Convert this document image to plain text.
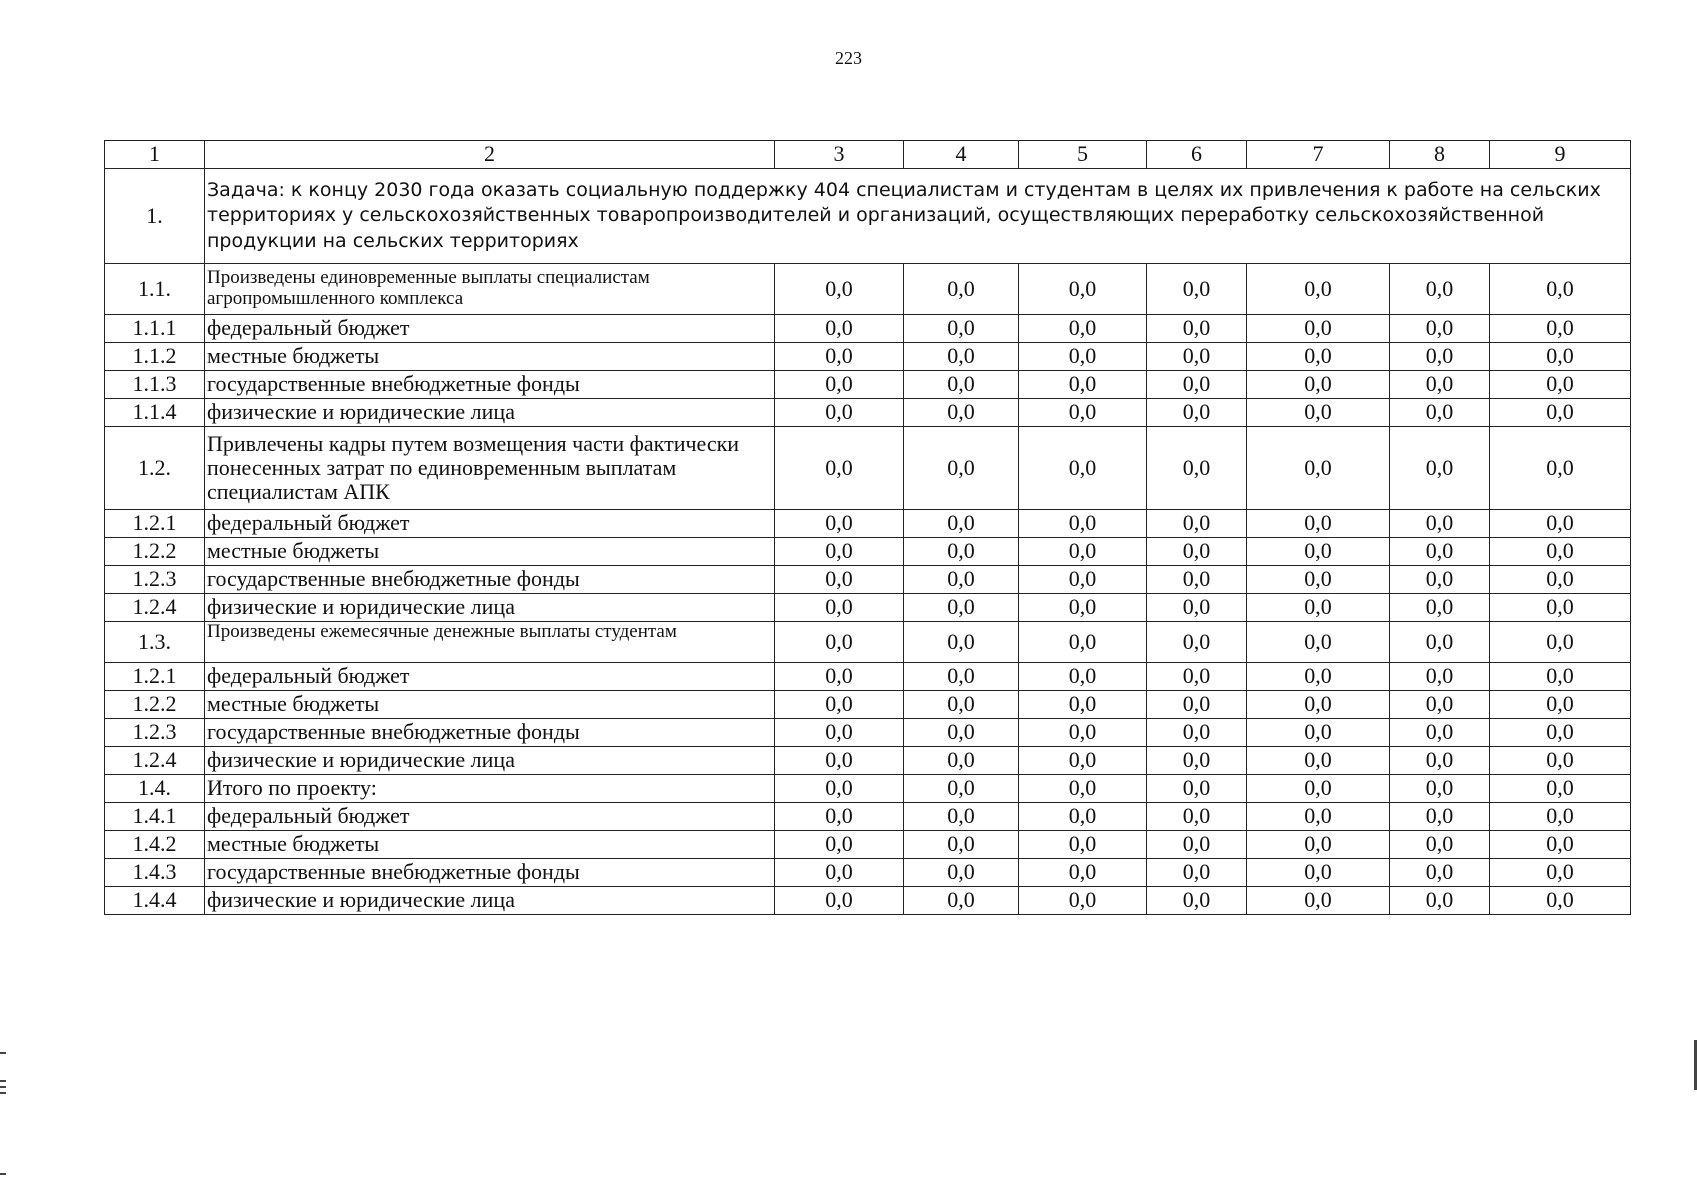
223
1	2	3	4	5	6	7	8	9
1.	Задача: к концу 2030 года оказать социальную поддержку 404 специалистам и студентам в целях их привлечения к работе на сельских территориях у сельскохозяйственных товаропроизводителей и организаций, осуществляющих переработку сельскохозяйственной продукции на сельских территориях							
1.1.	Произведены единовременные выплаты специалистам агропромышленного комплекса	0,0	0,0	0,0	0,0	0,0	0,0	0,0
1.1.1	федеральный бюджет	0,0	0,0	0,0	0,0	0,0	0,0	0,0
1.1.2	местные бюджеты	0,0	0,0	0,0	0,0	0,0	0,0	0,0
1.1.3	государственные внебюджетные фонды	0,0	0,0	0,0	0,0	0,0	0,0	0,0
1.1.4	физические и юридические лица	0,0	0,0	0,0	0,0	0,0	0,0	0,0
1.2.	Привлечены кадры путем возмещения части фактически понесенных затрат по единовременным выплатам специалистам АПК	0,0	0,0	0,0	0,0	0,0	0,0	0,0
1.2.1	федеральный бюджет	0,0	0,0	0,0	0,0	0,0	0,0	0,0
1.2.2	местные бюджеты	0,0	0,0	0,0	0,0	0,0	0,0	0,0
1.2.3	государственные внебюджетные фонды	0,0	0,0	0,0	0,0	0,0	0,0	0,0
1.2.4	физические и юридические лица	0,0	0,0	0,0	0,0	0,0	0,0	0,0
1.3.	Произведены ежемесячные денежные выплаты студентам	0,0	0,0	0,0	0,0	0,0	0,0	0,0
1.2.1	федеральный бюджет	0,0	0,0	0,0	0,0	0,0	0,0	0,0
1.2.2	местные бюджеты	0,0	0,0	0,0	0,0	0,0	0,0	0,0
1.2.3	государственные внебюджетные фонды	0,0	0,0	0,0	0,0	0,0	0,0	0,0
1.2.4	физические и юридические лица	0,0	0,0	0,0	0,0	0,0	0,0	0,0
1.4.	Итого по проекту:	0,0	0,0	0,0	0,0	0,0	0,0	0,0
1.4.1	федеральный бюджет	0,0	0,0	0,0	0,0	0,0	0,0	0,0
1.4.2	местные бюджеты	0,0	0,0	0,0	0,0	0,0	0,0	0,0
1.4.3	государственные внебюджетные фонды	0,0	0,0	0,0	0,0	0,0	0,0	0,0
1.4.4	физические и юридические лица	0,0	0,0	0,0	0,0	0,0	0,0	0,0
